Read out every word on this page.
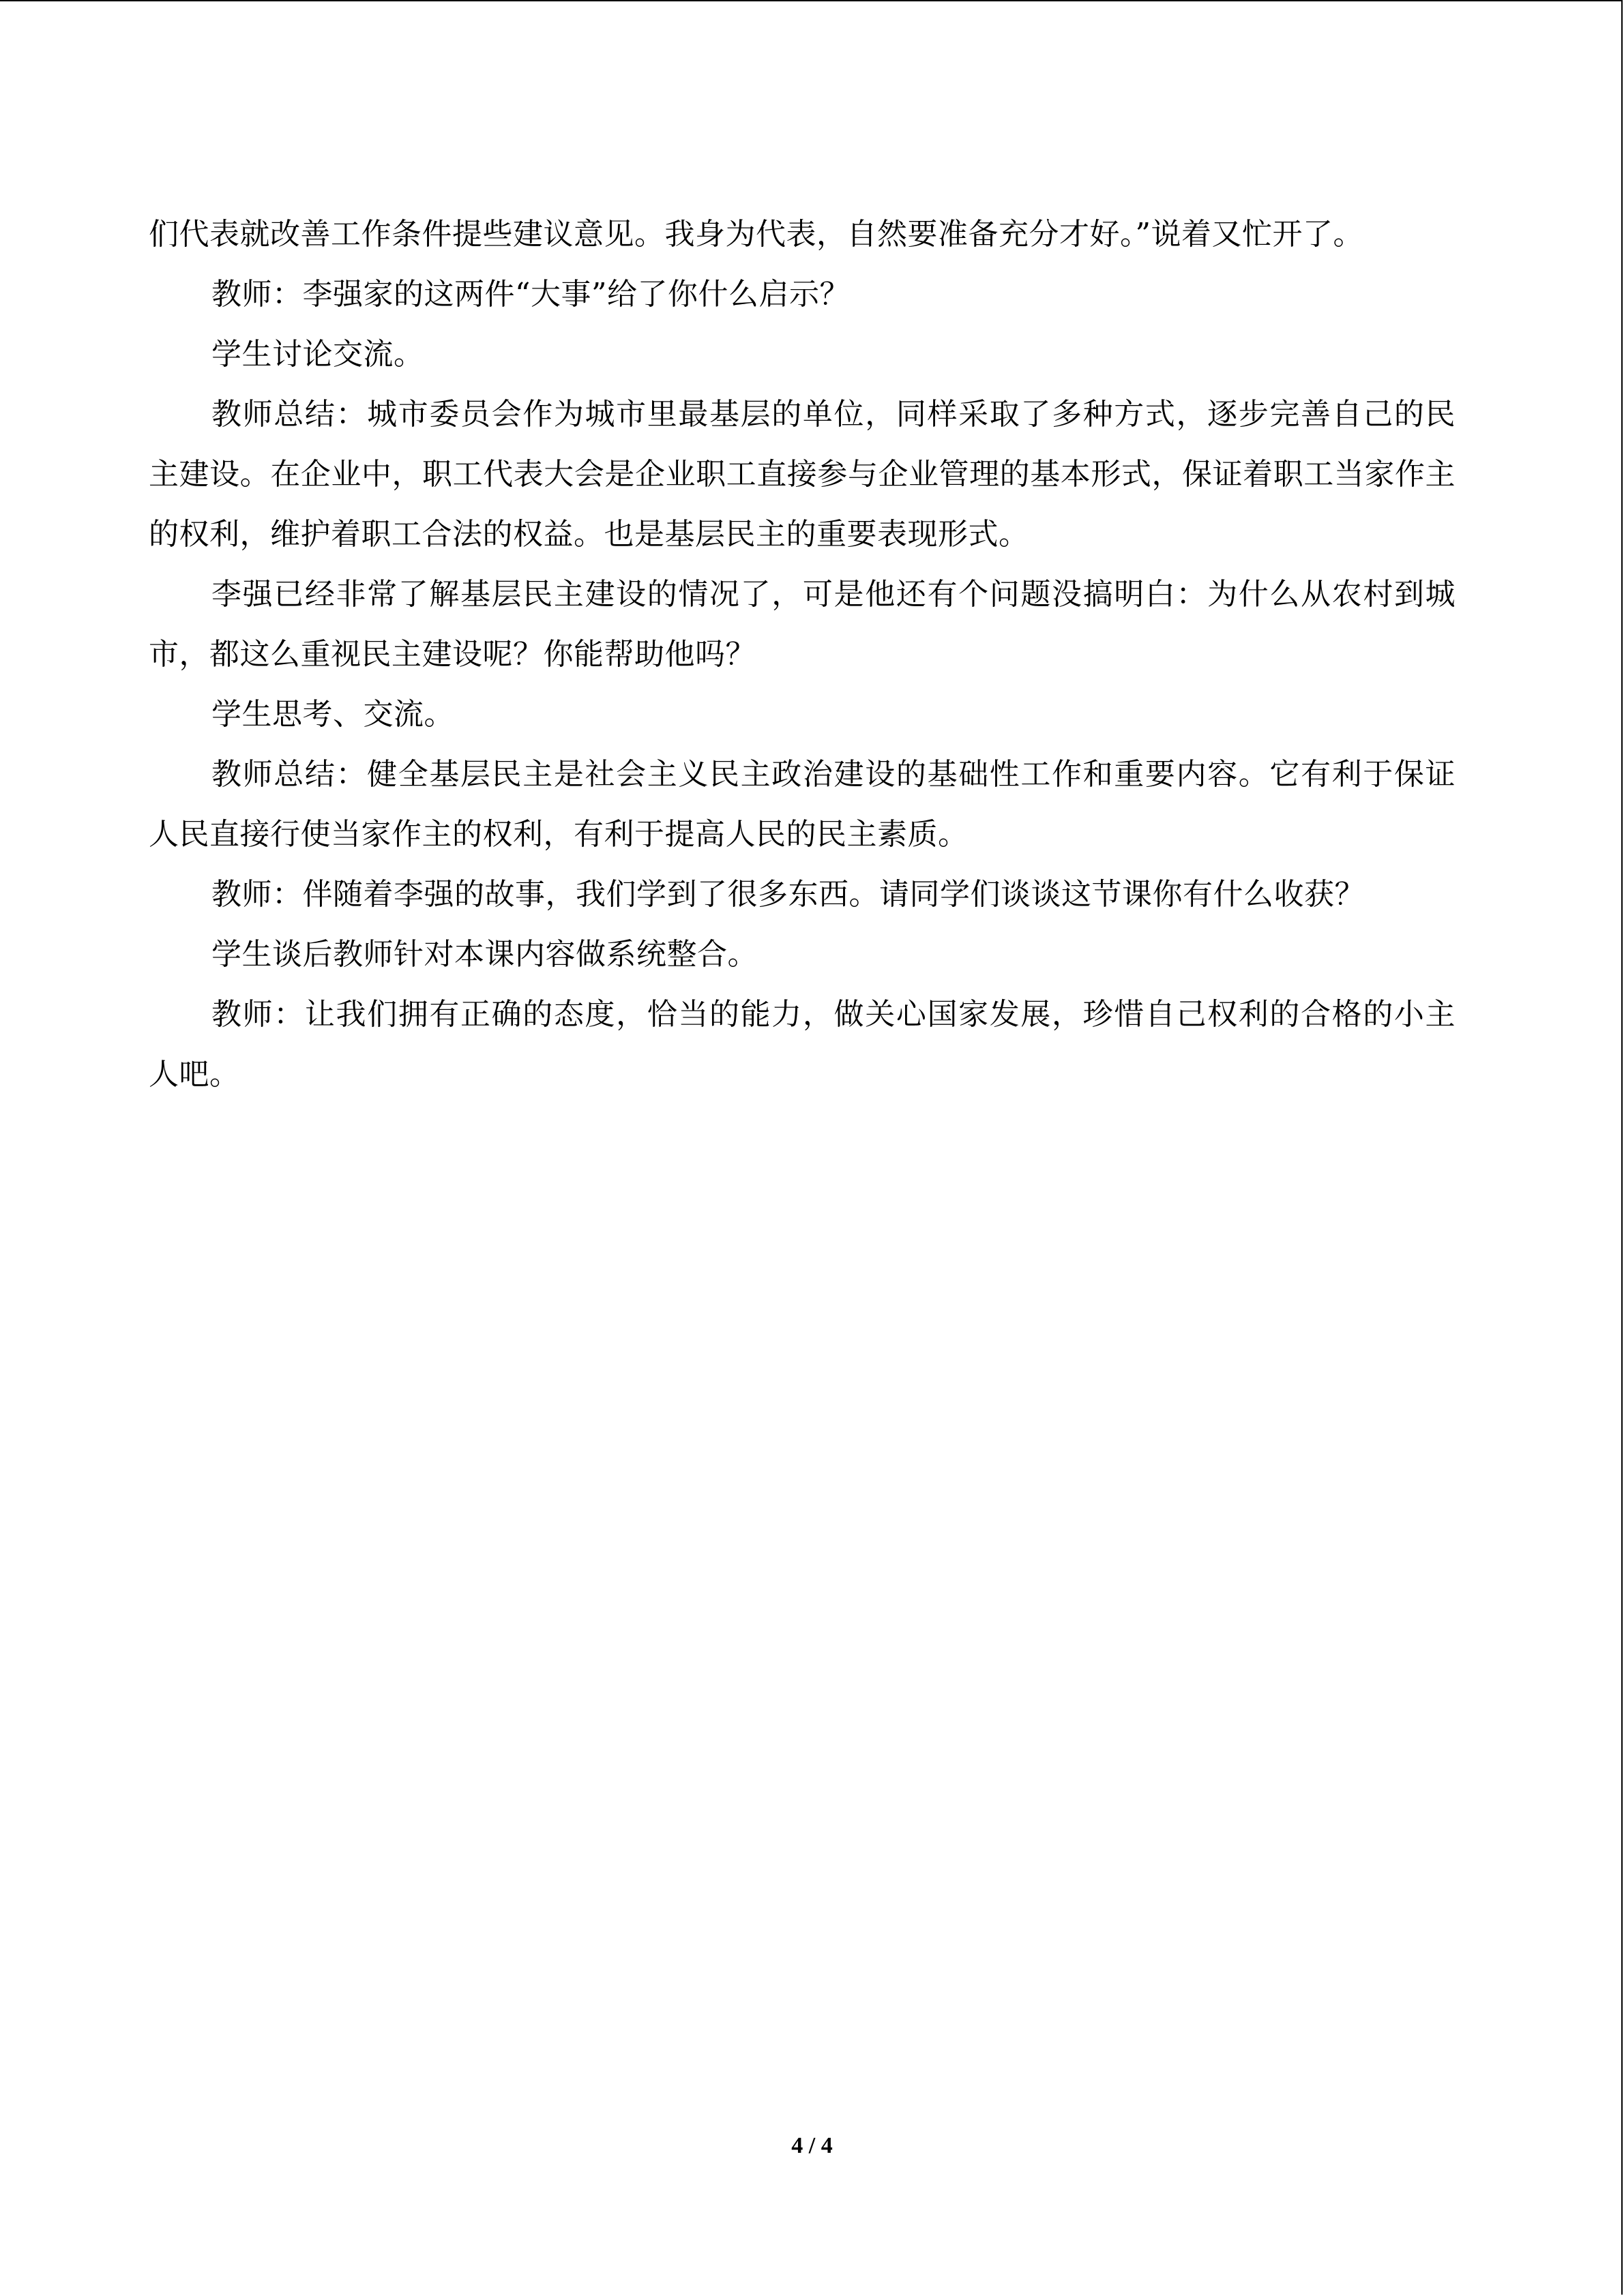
们代表就改善工作条件提些建议意见。我身为代表，自然要准备充分才好。”说着又忙开了。

教师：李强家的这两件“大事”给了你什么启示？

学生讨论交流。

教师总结：城市委员会作为城市里最基层的单位，同样采取了多种方式，逐步完善自己的民主建设。在企业中，职工代表大会是企业职工直接参与企业管理的基本形式，保证着职工当家作主的权利，维护着职工合法的权益。也是基层民主的重要表现形式。

李强已经非常了解基层民主建设的情况了，可是他还有个问题没搞明白：为什么从农村到城市，都这么重视民主建设呢？你能帮助他吗？

学生思考、交流。

教师总结：健全基层民主是社会主义民主政治建设的基础性工作和重要内容。它有利于保证人民直接行使当家作主的权利，有利于提高人民的民主素质。

教师：伴随着李强的故事，我们学到了很多东西。请同学们谈谈这节课你有什么收获？

学生谈后教师针对本课内容做系统整合。

教师：让我们拥有正确的态度，恰当的能力，做关心国家发展，珍惜自己权利的合格的小主人吧。

4 / 4
